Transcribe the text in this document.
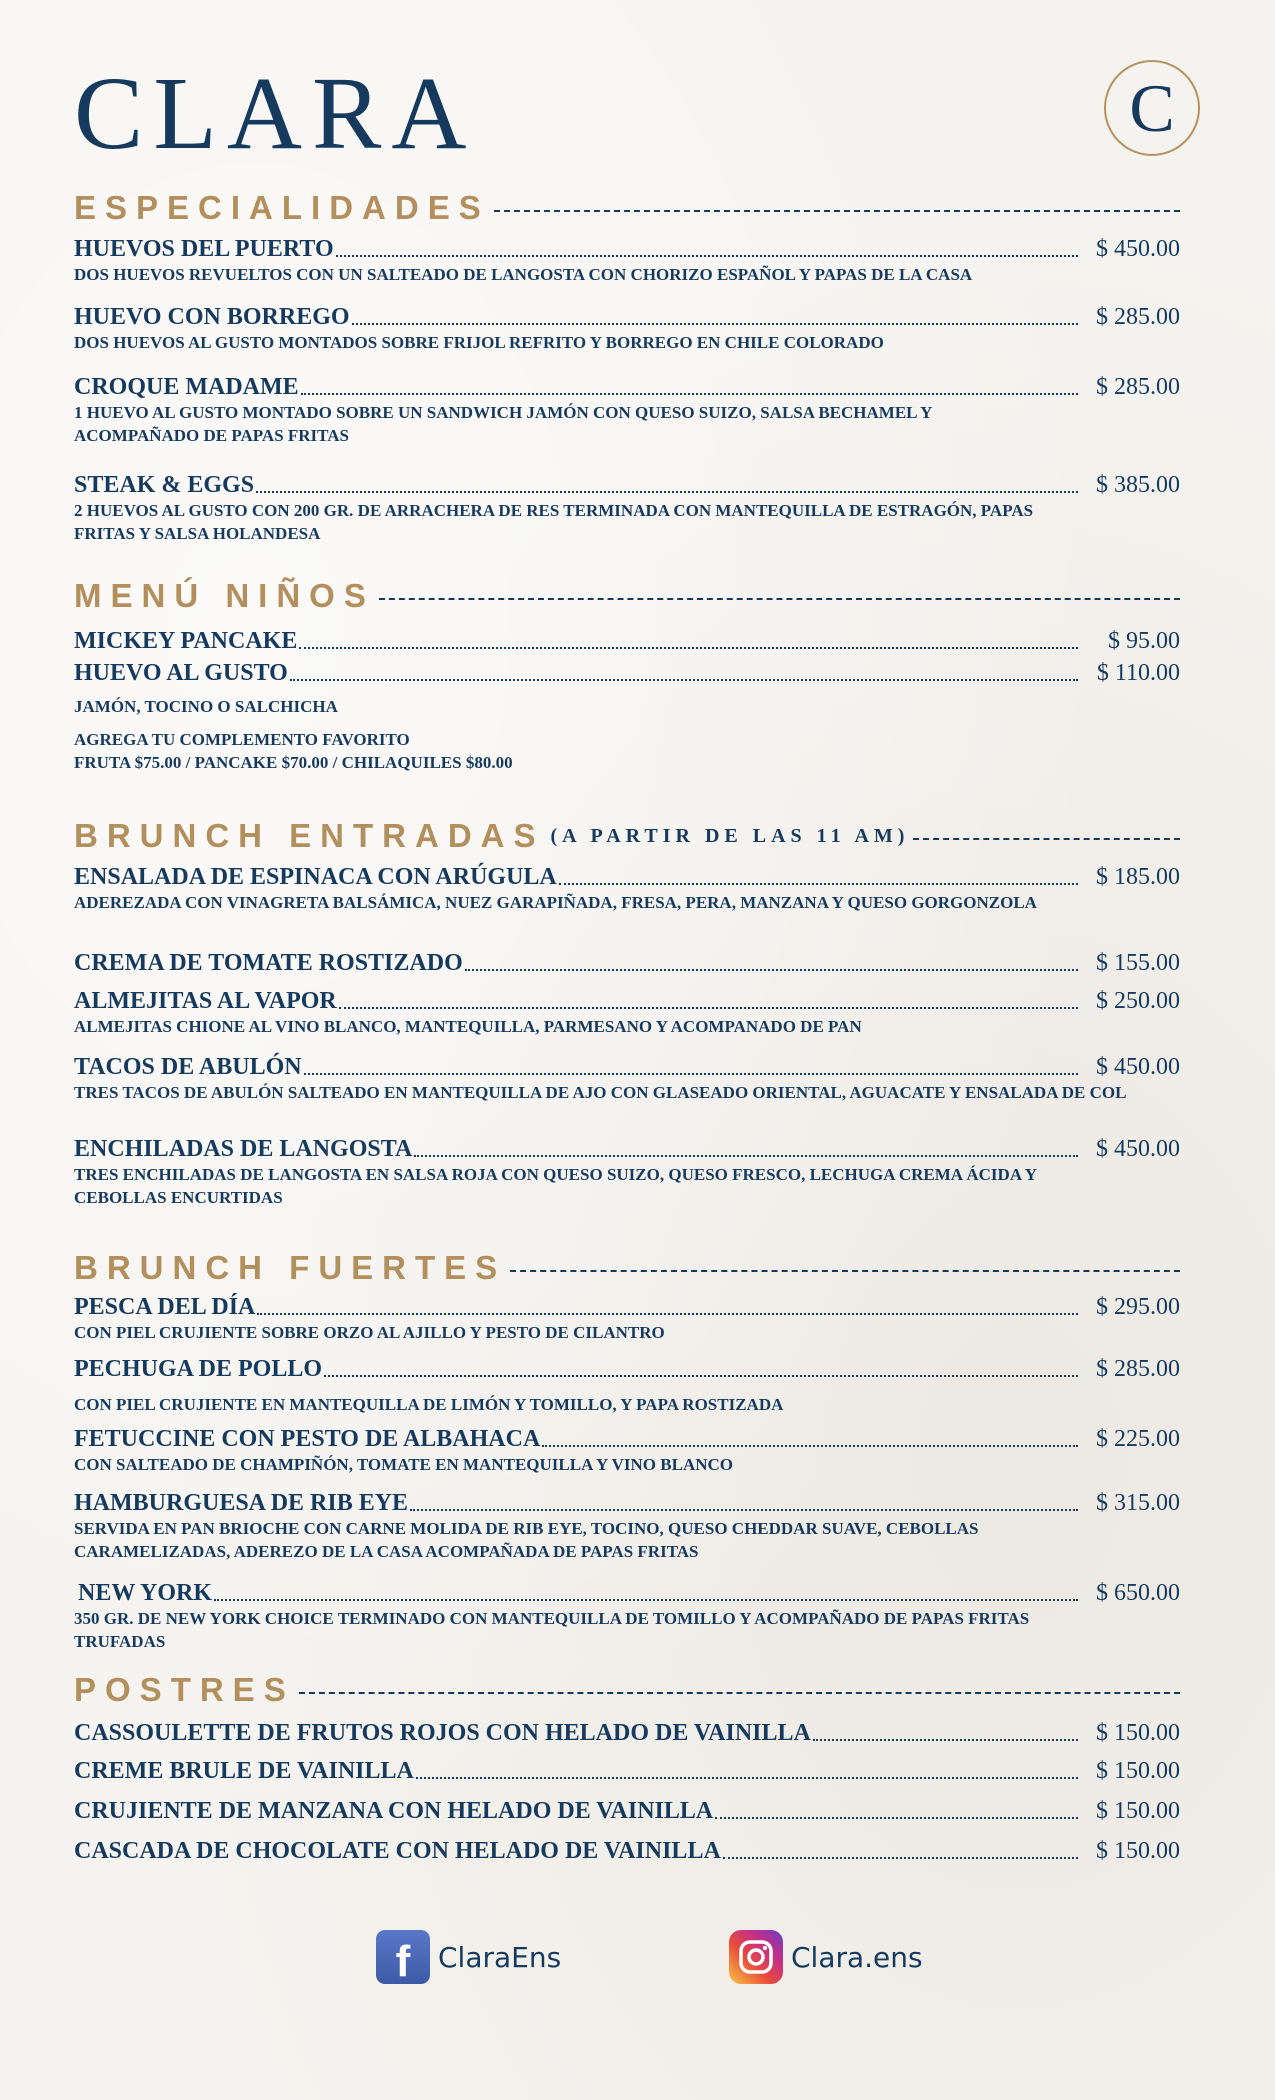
CLARA	C
ESPECIALIDADES
HUEVOS DEL PUERTO	$ 450.00
DOS HUEVOS REVUELTOS CON UN SALTEADO DE LANGOSTA CON CHORIZO ESPAÑOL Y PAPAS DE LA CASA
HUEVO CON BORREGO	$ 285.00
DOS HUEVOS AL GUSTO MONTADOS SOBRE FRIJOL REFRITO Y BORREGO EN CHILE COLORADO
CROQUE MADAME	$ 285.00
1 HUEVO AL GUSTO MONTADO SOBRE UN SANDWICH JAMÓN CON QUESO SUIZO, SALSA BECHAMEL Y ACOMPAÑADO DE PAPAS FRITAS
STEAK & EGGS	$ 385.00
2 HUEVOS AL GUSTO CON 200 GR. DE ARRACHERA DE RES TERMINADA CON MANTEQUILLA DE ESTRAGÓN, PAPAS FRITAS Y SALSA HOLANDESA
MENÚ NIÑOS
MICKEY PANCAKE	$ 95.00
HUEVO AL GUSTO	$ 110.00
JAMÓN, TOCINO O SALCHICHA
AGREGA TU COMPLEMENTO FAVORITO
FRUTA $75.00 / PANCAKE $70.00 / CHILAQUILES $80.00
BRUNCH ENTRADAS (A PARTIR DE LAS 11 AM)
ENSALADA DE ESPINACA CON ARÚGULA	$ 185.00
ADEREZADA CON VINAGRETA BALSÁMICA, NUEZ GARAPIÑADA, FRESA, PERA, MANZANA Y QUESO GORGONZOLA
CREMA DE TOMATE ROSTIZADO	$ 155.00
ALMEJITAS AL VAPOR	$ 250.00
ALMEJITAS CHIONE AL VINO BLANCO, MANTEQUILLA, PARMESANO Y ACOMPANADO DE PAN
TACOS DE ABULÓN	$ 450.00
TRES TACOS DE ABULÓN SALTEADO EN MANTEQUILLA DE AJO CON GLASEADO ORIENTAL, AGUACATE Y ENSALADA DE COL
ENCHILADAS DE LANGOSTA	$ 450.00
TRES ENCHILADAS DE LANGOSTA EN SALSA ROJA CON QUESO SUIZO, QUESO FRESCO, LECHUGA CREMA ÁCIDA Y CEBOLLAS ENCURTIDAS
BRUNCH FUERTES
PESCA DEL DÍA	$ 295.00
CON PIEL CRUJIENTE SOBRE ORZO AL AJILLO Y PESTO DE CILANTRO
PECHUGA DE POLLO	$ 285.00
CON PIEL CRUJIENTE EN MANTEQUILLA DE LIMÓN Y TOMILLO, Y PAPA ROSTIZADA
FETUCCINE CON PESTO DE ALBAHACA	$ 225.00
CON SALTEADO DE CHAMPIÑÓN, TOMATE EN MANTEQUILLA Y VINO BLANCO
HAMBURGUESA DE RIB EYE	$ 315.00
SERVIDA EN PAN BRIOCHE CON CARNE MOLIDA DE RIB EYE, TOCINO, QUESO CHEDDAR SUAVE, CEBOLLAS CARAMELIZADAS, ADEREZO DE LA CASA ACOMPAÑADA DE PAPAS FRITAS
NEW YORK	$ 650.00
350 GR. DE NEW YORK CHOICE TERMINADO CON MANTEQUILLA DE TOMILLO Y ACOMPAÑADO DE PAPAS FRITAS TRUFADAS
POSTRES
CASSOULETTE DE FRUTOS ROJOS CON HELADO DE VAINILLA	$ 150.00
CREME BRULE DE VAINILLA	$ 150.00
CRUJIENTE DE MANZANA CON HELADO DE VAINILLA	$ 150.00
CASCADA DE CHOCOLATE CON HELADO DE VAINILLA	$ 150.00
f ClaraEns	Clara.ens
